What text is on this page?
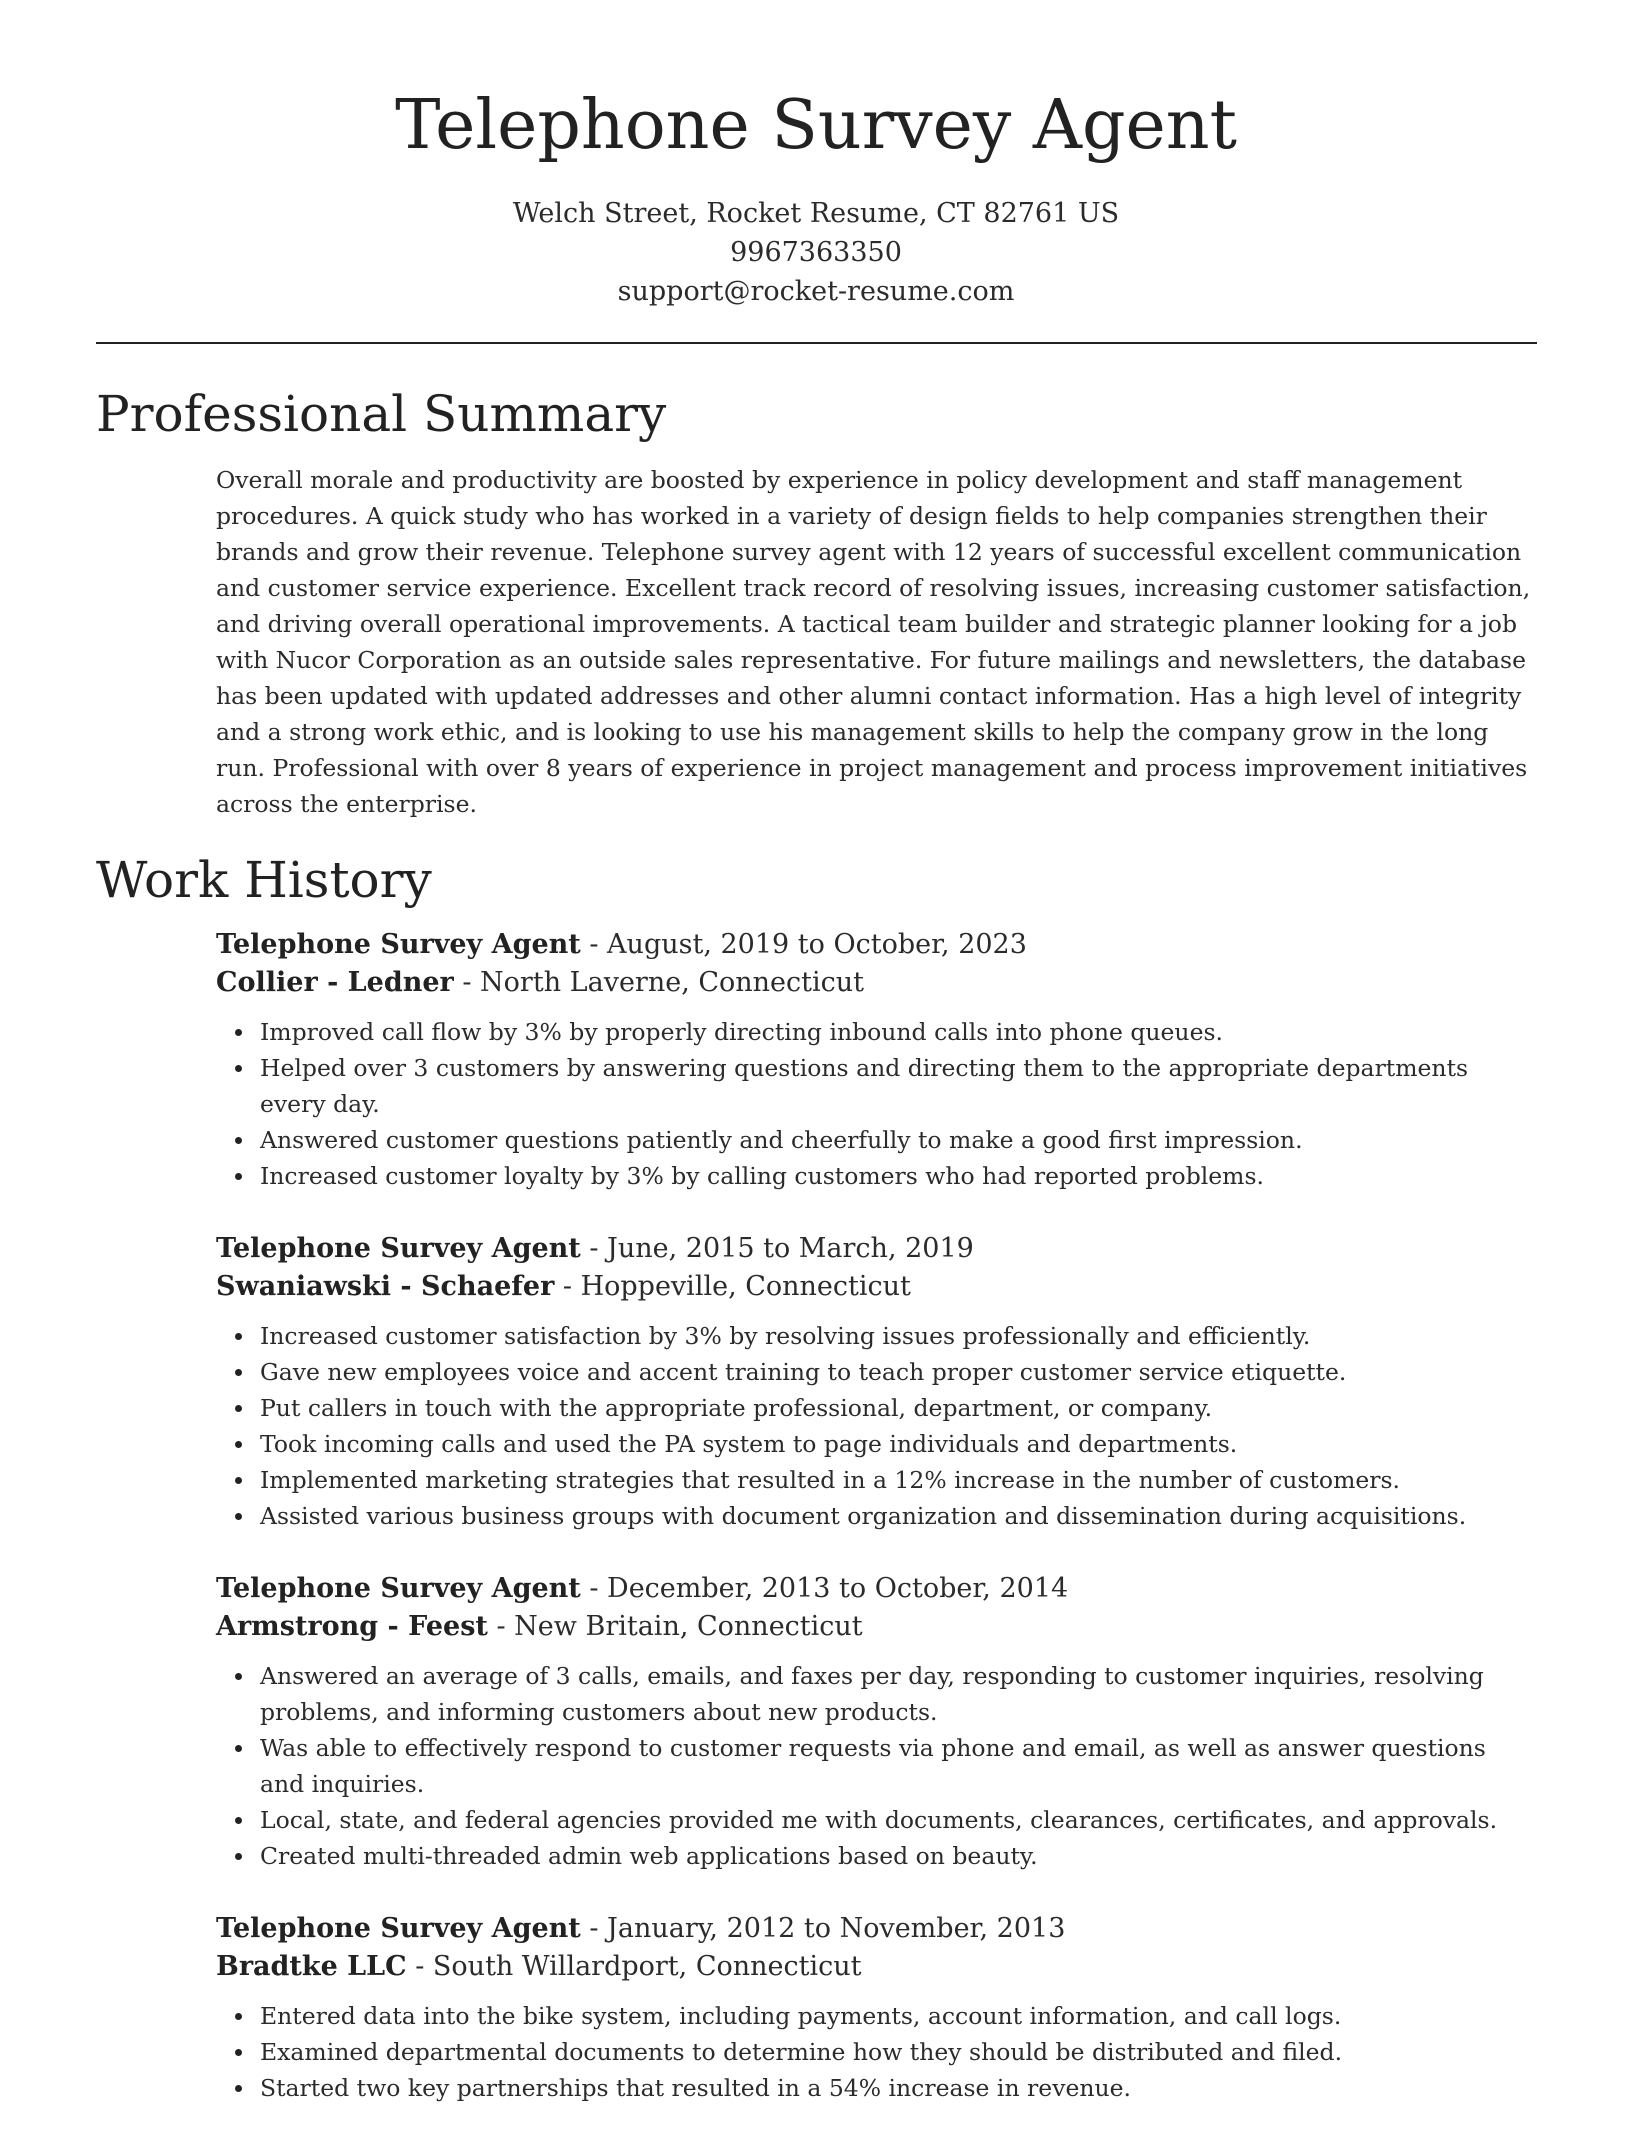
Telephone Survey Agent
Welch Street, Rocket Resume, CT 82761 US
9967363350
support@rocket-resume.com
Professional Summary

Overall morale and productivity are boosted by experience in policy development and staff management procedures. A quick study who has worked in a variety of design fields to help companies strengthen their brands and grow their revenue. Telephone survey agent with 12 years of successful excellent communication and customer service experience. Excellent track record of resolving issues, increasing customer satisfaction, and driving overall operational improvements. A tactical team builder and strategic planner looking for a job with Nucor Corporation as an outside sales representative. For future mailings and newsletters, the database has been updated with updated addresses and other alumni contact information. Has a high level of integrity and a strong work ethic, and is looking to use his management skills to help the company grow in the long run. Professional with over 8 years of experience in project management and process improvement initiatives across the enterprise.

Work History
Telephone Survey Agent - August, 2019 to October, 2023
Collier - Ledner - North Laverne, Connecticut
Improved call flow by 3% by properly directing inbound calls into phone queues.
Helped over 3 customers by answering questions and directing them to the appropriate departments every day.
Answered customer questions patiently and cheerfully to make a good first impression.
Increased customer loyalty by 3% by calling customers who had reported problems.
Telephone Survey Agent - June, 2015 to March, 2019
Swaniawski - Schaefer - Hoppeville, Connecticut
Increased customer satisfaction by 3% by resolving issues professionally and efficiently.
Gave new employees voice and accent training to teach proper customer service etiquette.
Put callers in touch with the appropriate professional, department, or company.
Took incoming calls and used the PA system to page individuals and departments.
Implemented marketing strategies that resulted in a 12% increase in the number of customers.
Assisted various business groups with document organization and dissemination during acquisitions.
Telephone Survey Agent - December, 2013 to October, 2014
Armstrong - Feest - New Britain, Connecticut
Answered an average of 3 calls, emails, and faxes per day, responding to customer inquiries, resolving problems, and informing customers about new products.
Was able to effectively respond to customer requests via phone and email, as well as answer questions and inquiries.
Local, state, and federal agencies provided me with documents, clearances, certificates, and approvals.
Created multi-threaded admin web applications based on beauty.
Telephone Survey Agent - January, 2012 to November, 2013
Bradtke LLC - South Willardport, Connecticut
Entered data into the bike system, including payments, account information, and call logs.
Examined departmental documents to determine how they should be distributed and filed.
Started two key partnerships that resulted in a 54% increase in revenue.
